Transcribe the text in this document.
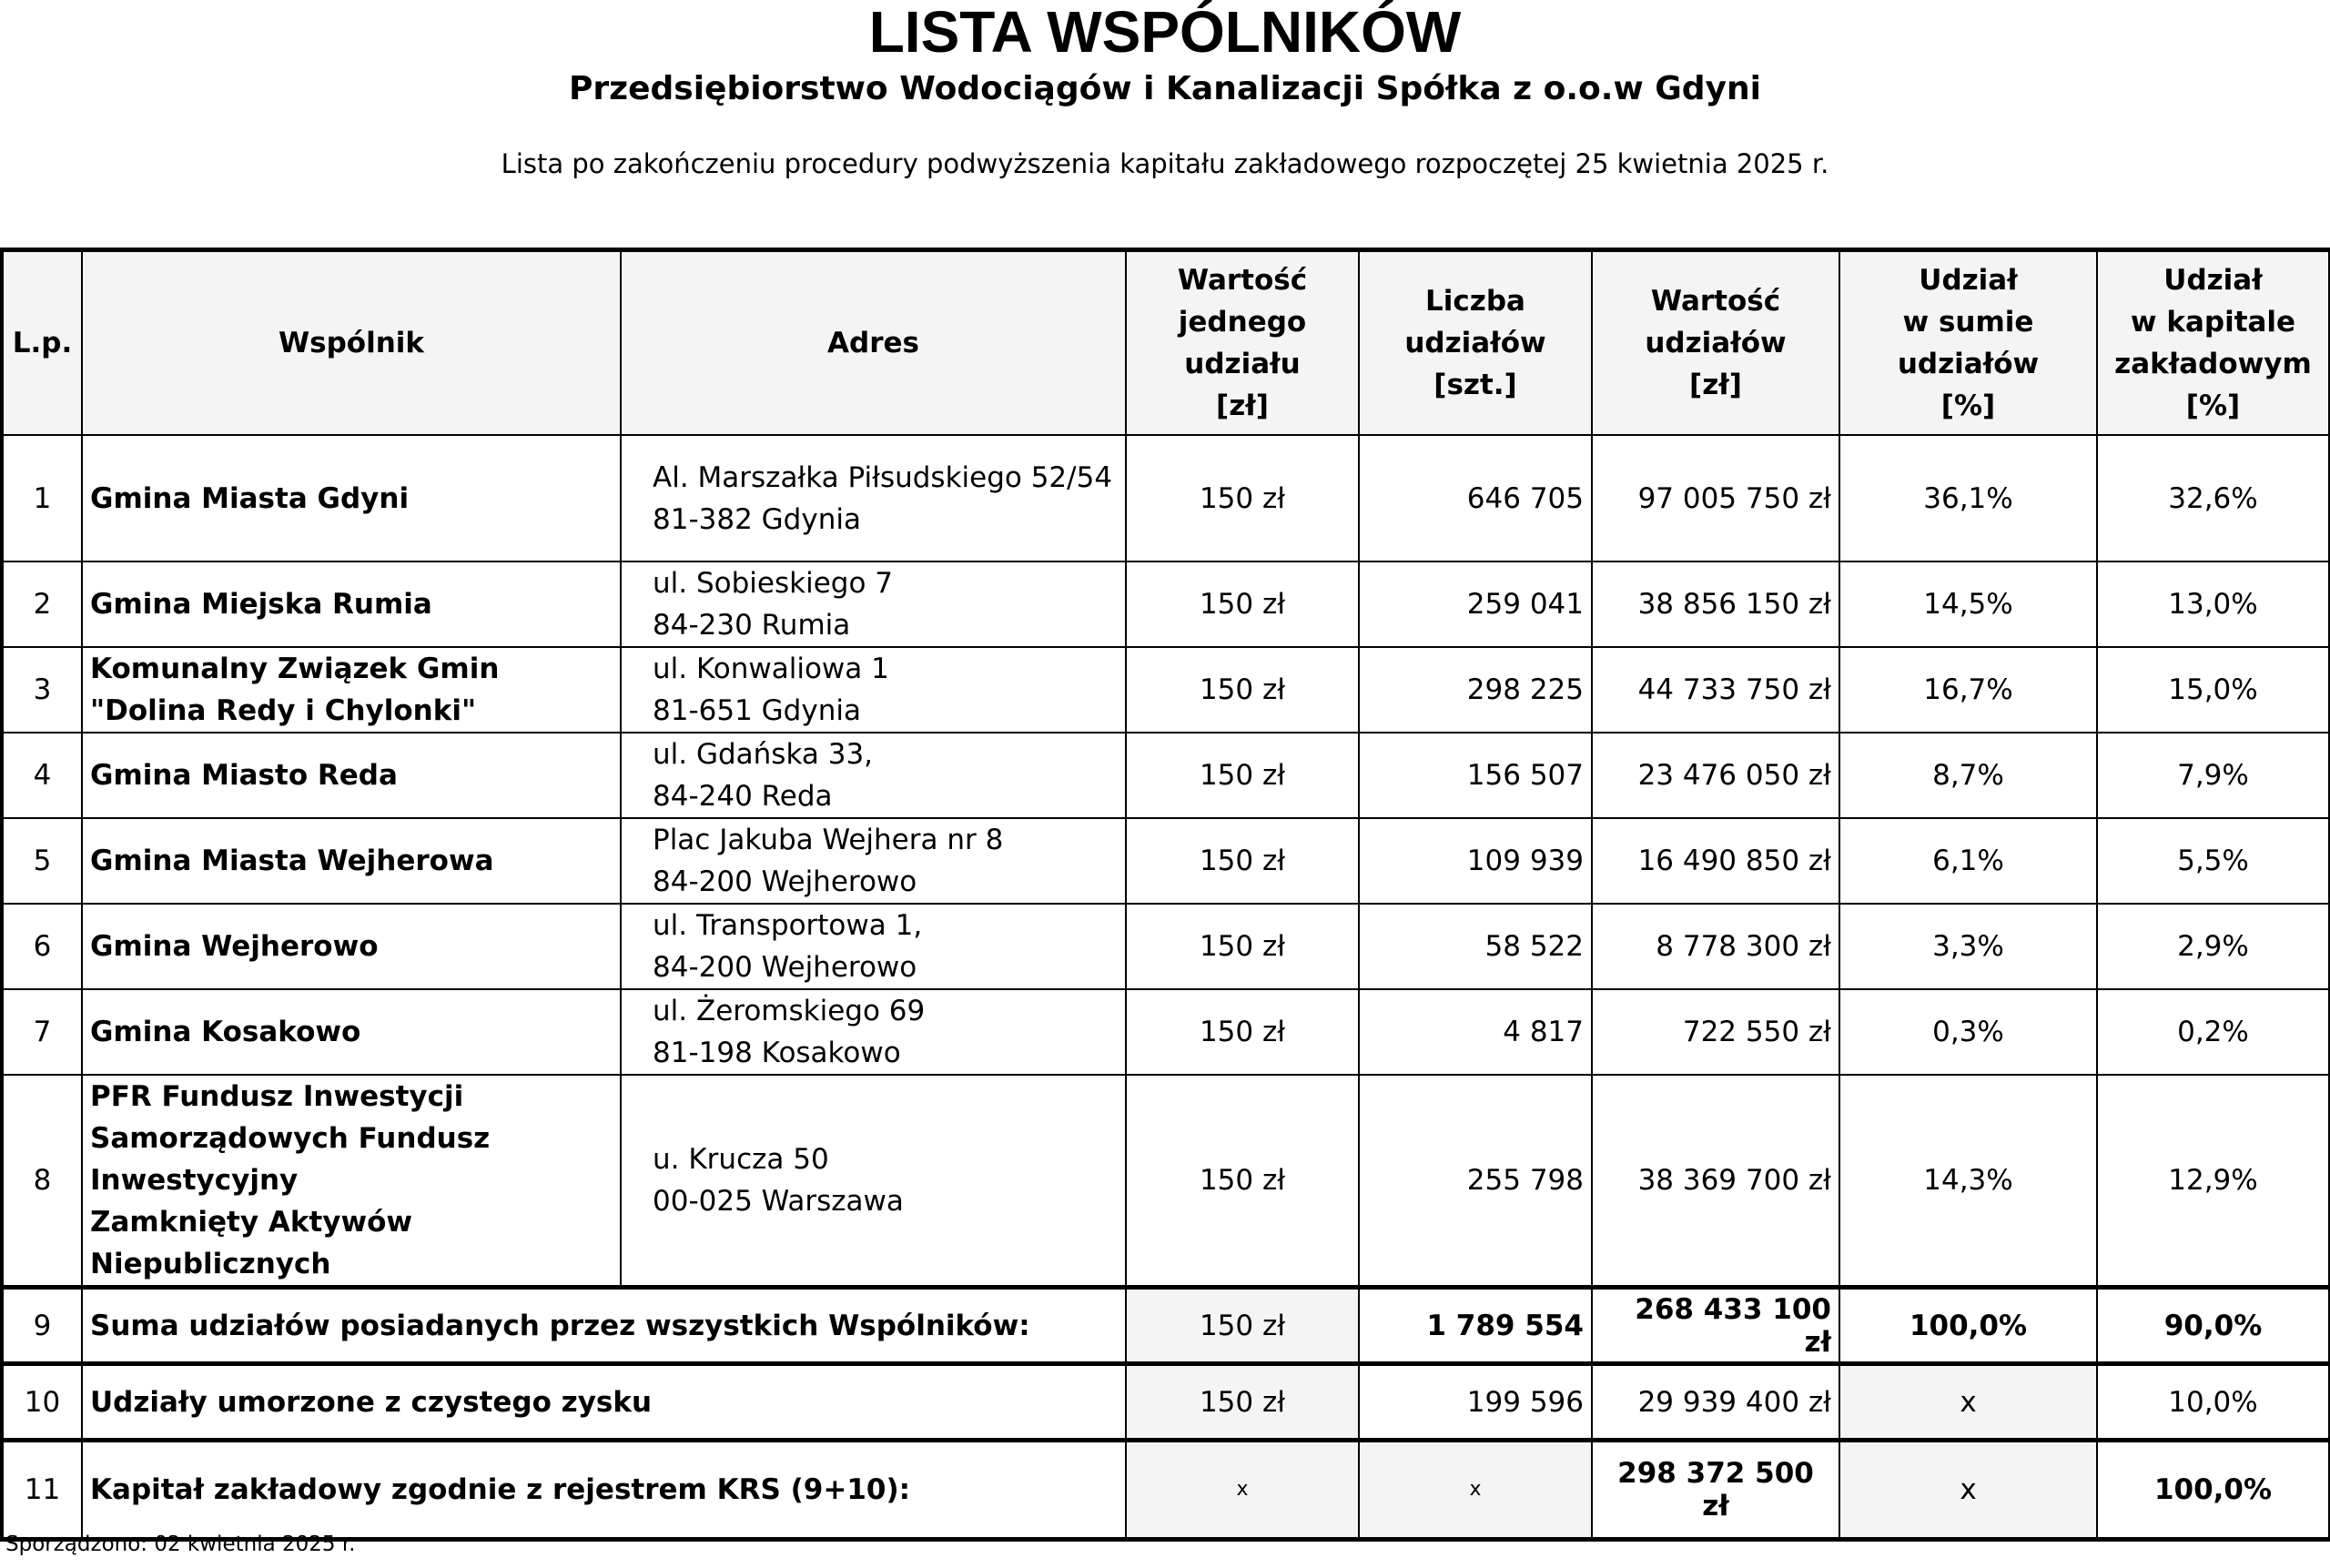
LISTA WSPÓLNIKÓW
Przedsiębiorstwo Wodociągów i Kanalizacji Spółka z o.o.w Gdyni
Lista po zakończeniu procedury podwyższenia kapitału zakładowego rozpoczętej 25 kwietnia 2025 r.
L.p.	Wspólnik	Adres	Wartość
jednego
udziału
[zł]	Liczba
udziałów
[szt.]	Wartość
udziałów
[zł]	Udział
w sumie udziałów
[%]	Udział
w kapitale
zakładowym
[%]

1	Gmina Miasta Gdyni	Al. Marszałka Piłsudskiego 52/54
81-382 Gdynia	150 zł	646 705	97 005 750 zł	36,1%	32,6%
2	Gmina Miejska Rumia	ul. Sobieskiego 7
84-230 Rumia	150 zł	259 041	38 856 150 zł	14,5%	13,0%
3	Komunalny Związek Gmin
"Dolina Redy i Chylonki"	ul. Konwaliowa 1
81-651 Gdynia	150 zł	298 225	44 733 750 zł	16,7%	15,0%
4	Gmina Miasto Reda	ul. Gdańska 33,
84-240 Reda	150 zł	156 507	23 476 050 zł	8,7%	7,9%
5	Gmina Miasta Wejherowa	Plac Jakuba Wejhera nr 8
84-200 Wejherowo	150 zł	109 939	16 490 850 zł	6,1%	5,5%
6	Gmina Wejherowo	ul. Transportowa 1,
84-200 Wejherowo	150 zł	58 522	8 778 300 zł	3,3%	2,9%
7	Gmina Kosakowo	ul. Żeromskiego 69
81-198 Kosakowo	150 zł	4 817	722 550 zł	0,3%	0,2%
8	PFR Fundusz Inwestycji
Samorządowych Fundusz Inwestycyjny
Zamknięty Aktywów Niepublicznych	u. Krucza 50
00-025 Warszawa	150 zł	255 798	38 369 700 zł	14,3%	12,9%
9	Suma udziałów posiadanych przez wszystkich Wspólników:		150 zł	1 789 554	268 433 100 zł	100,0%	90,0%
10	Udziały umorzone z czystego zysku		150 zł	199 596	29 939 400 zł	x	10,0%
11	Kapitał zakładowy zgodnie z rejestrem KRS (9+10):		x	x	298 372 500 zł	x	100,0%
Sporządzono: 02 kwietnia 2025 r.
